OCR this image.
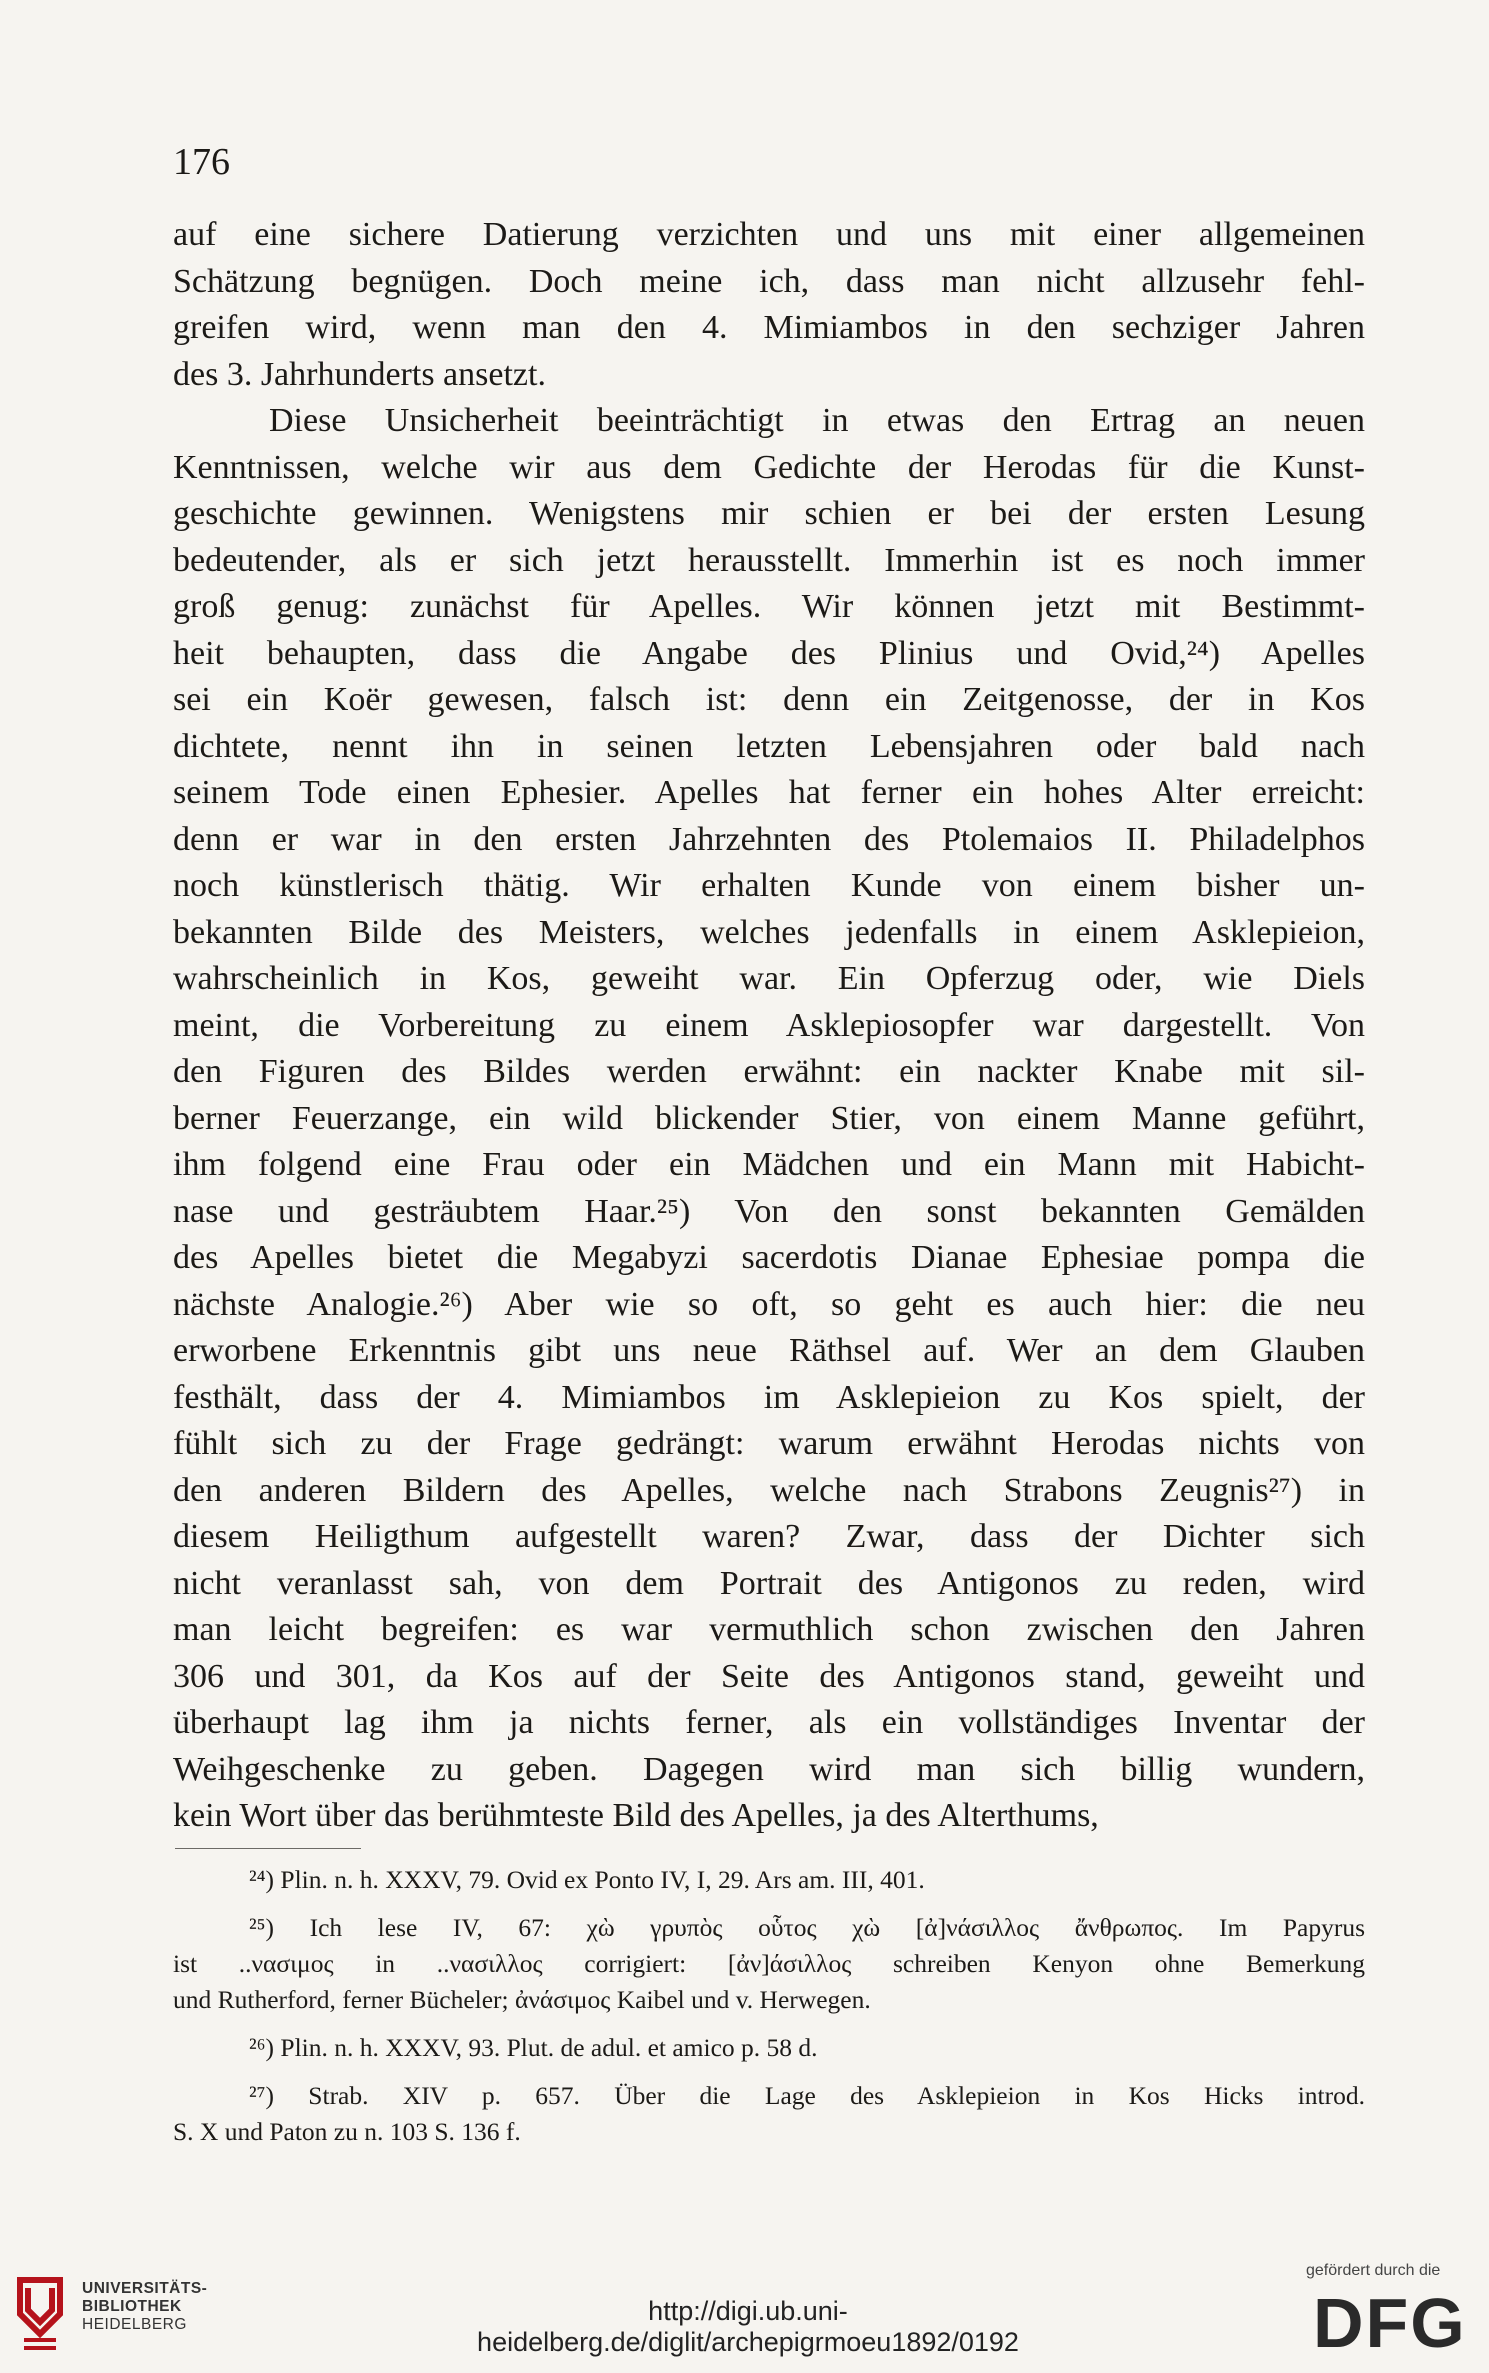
176
auf eine sichere Datierung verzichten und uns mit einer allgemeinen
Schätzung begnügen. Doch meine ich, dass man nicht allzusehr fehl-
greifen wird, wenn man den 4. Mimiambos in den sechziger Jahren
des 3. Jahrhunderts ansetzt.
Diese Unsicherheit beeinträchtigt in etwas den Ertrag an neuen
Kenntnissen, welche wir aus dem Gedichte der Herodas für die Kunst-
geschichte gewinnen. Wenigstens mir schien er bei der ersten Lesung
bedeutender, als er sich jetzt herausstellt. Immerhin ist es noch immer
groß genug: zunächst für Apelles. Wir können jetzt mit Bestimmt-
heit behaupten, dass die Angabe des Plinius und Ovid,²⁴) Apelles
sei ein Koër gewesen, falsch ist: denn ein Zeitgenosse, der in Kos
dichtete, nennt ihn in seinen letzten Lebensjahren oder bald nach
seinem Tode einen Ephesier. Apelles hat ferner ein hohes Alter erreicht:
denn er war in den ersten Jahrzehnten des Ptolemaios II. Philadelphos
noch künstlerisch thätig. Wir erhalten Kunde von einem bisher un-
bekannten Bilde des Meisters, welches jedenfalls in einem Asklepieion,
wahrscheinlich in Kos, geweiht war. Ein Opferzug oder, wie Diels
meint, die Vorbereitung zu einem Asklepiosopfer war dargestellt. Von
den Figuren des Bildes werden erwähnt: ein nackter Knabe mit sil-
berner Feuerzange, ein wild blickender Stier, von einem Manne geführt,
ihm folgend eine Frau oder ein Mädchen und ein Mann mit Habicht-
nase und gesträubtem Haar.²⁵) Von den sonst bekannten Gemälden
des Apelles bietet die Megabyzi sacerdotis Dianae Ephesiae pompa die
nächste Analogie.²⁶) Aber wie so oft, so geht es auch hier: die neu
erworbene Erkenntnis gibt uns neue Räthsel auf. Wer an dem Glauben
festhält, dass der 4. Mimiambos im Asklepieion zu Kos spielt, der
fühlt sich zu der Frage gedrängt: warum erwähnt Herodas nichts von
den anderen Bildern des Apelles, welche nach Strabons Zeugnis²⁷) in
diesem Heiligthum aufgestellt waren? Zwar, dass der Dichter sich
nicht veranlasst sah, von dem Portrait des Antigonos zu reden, wird
man leicht begreifen: es war vermuthlich schon zwischen den Jahren
306 und 301, da Kos auf der Seite des Antigonos stand, geweiht und
überhaupt lag ihm ja nichts ferner, als ein vollständiges Inventar der
Weihgeschenke zu geben. Dagegen wird man sich billig wundern,
kein Wort über das berühmteste Bild des Apelles, ja des Alterthums,
²⁴) Plin. n. h. XXXV, 79. Ovid ex Ponto IV, I, 29. Ars am. III, 401.
²⁵) Ich lese IV, 67: χὼ γρυπὸς οὗτος χὼ [ἀ]νάσιλλος ἄνθρωπος. Im Papyrus
ist ..νασιμος in ..νασιλλος corrigiert: [ἀν]άσιλλος schreiben Kenyon ohne Bemerkung
und Rutherford, ferner Bücheler; ἀνάσιμος Kaibel und v. Herwegen.
²⁶) Plin. n. h. XXXV, 93. Plut. de adul. et amico p. 58 d.
²⁷) Strab. XIV p. 657. Über die Lage des Asklepieion in Kos Hicks introd.
S. X und Paton zu n. 103 S. 136 f.
UNIVERSITÄTS-
BIBLIOTHEK
HEIDELBERG	http://digi.ub.uni-heidelberg.de/diglit/archepigrmoeu1892/0192
gefördert durch die
DFG
